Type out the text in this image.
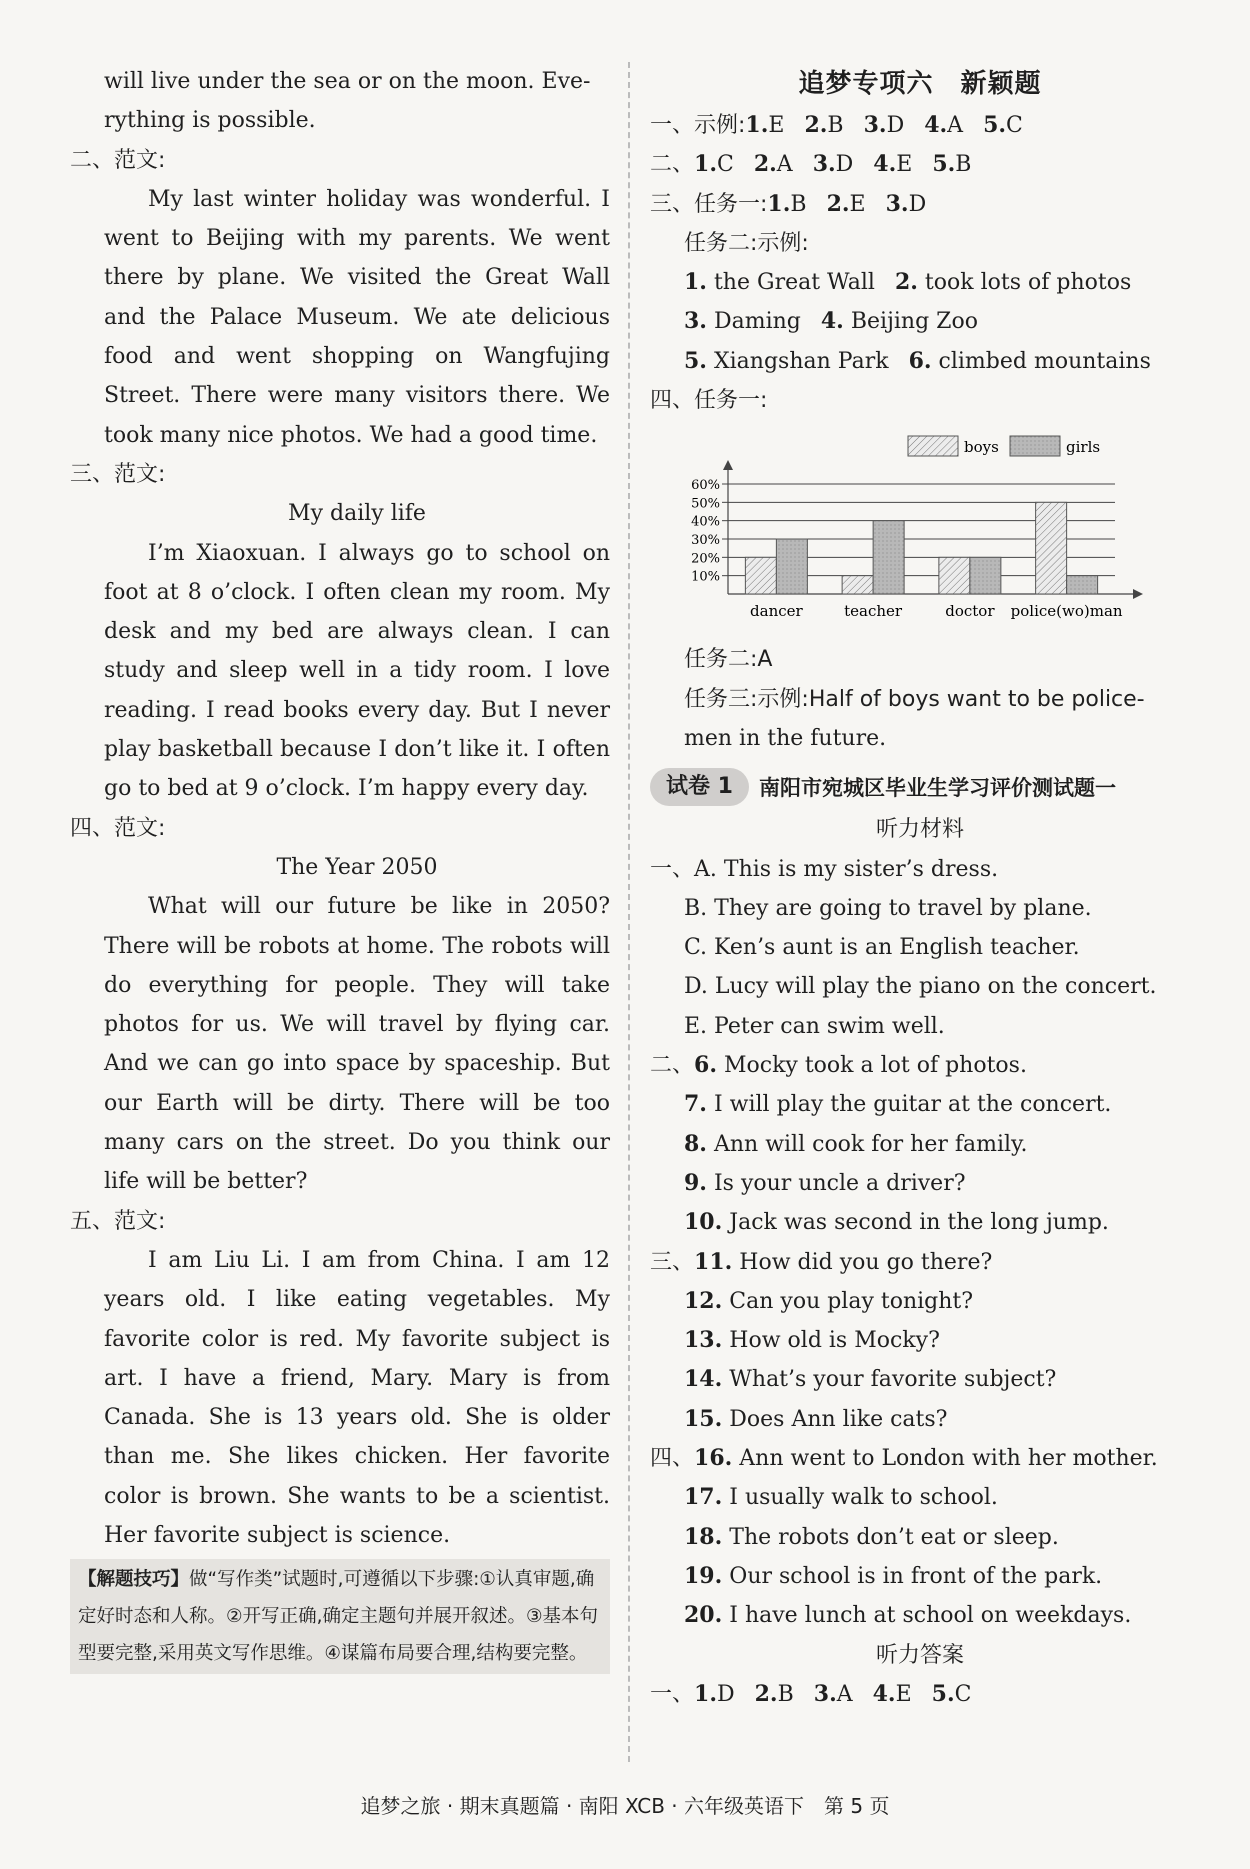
will live under the sea or on the moon. Eve-
rything is possible.
二、范文:
My last winter holiday was wonderful. I went to Beijing with my parents. We went there by plane. We visited the Great Wall and the Palace Museum. We ate delicious food and went shopping on Wangfujing Street. There were many visitors there. We took many nice photos. We had a good time.
三、范文:
My daily life
I’m Xiaoxuan. I always go to school on foot at 8 o’clock. I often clean my room. My desk and my bed are always clean. I can study and sleep well in a tidy room. I love reading. I read books every day. But I never play basketball because I don’t like it. I often go to bed at 9 o’clock. I’m happy every day.
四、范文:
The Year 2050
What will our future be like in 2050? There will be robots at home. The robots will do everything for people. They will take photos for us. We will travel by flying car. And we can go into space by spaceship. But our Earth will be dirty. There will be too many cars on the street. Do you think our life will be better?
五、范文:
I am Liu Li. I am from China. I am 12 years old. I like eating vegetables. My favorite color is red. My favorite subject is art. I have a friend, Mary. Mary is from Canada. She is 13 years old. She is older than me. She likes chicken. Her favorite color is brown. She wants to be a scientist. Her favorite subject is science.
【解题技巧】做“写作类”试题时,可遵循以下步骤:①认真审题,确定好时态和人称。②开写正确,确定主题句并展开叙述。③基本句型要完整,采用英文写作思维。④谋篇布局要合理,结构要完整。
追梦专项六　新颖题
一、示例:1.E 2.B 3.D 4.A 5.C
二、1.C 2.A 3.D 4.E 5.B
三、任务一:1.B 2.E 3.D
任务二:示例:
1. the Great Wall 2. took lots of photos
3. Daming 4. Beijing Zoo
5. Xiangshan Park 6. climbed mountains
四、任务一:
boys	girls
10%
20%
30%
40%
50%
60%
dancer	teacher	doctor police(wo)man
任务二:A
任务三:示例:Half of boys want to be police-
men in the future.
试卷 1	南阳市宛城区毕业生学习评价测试题一
听力材料
一、A. This is my sister’s dress.
B. They are going to travel by plane.
C. Ken’s aunt is an English teacher.
D. Lucy will play the piano on the concert.
E. Peter can swim well.
二、6. Mocky took a lot of photos.
7. I will play the guitar at the concert.
8. Ann will cook for her family.
9. Is your uncle a driver?
10. Jack was second in the long jump.
三、11. How did you go there?
12. Can you play tonight?
13. How old is Mocky?
14. What’s your favorite subject?
15. Does Ann like cats?
四、16. Ann went to London with her mother.
17. I usually walk to school.
18. The robots don’t eat or sleep.
19. Our school is in front of the park.
20. I have lunch at school on weekdays.
听力答案
一、1.D 2.B 3.A 4.E 5.C
追梦之旅 · 期末真题篇 · 南阳 XCB · 六年级英语下　第 5 页
